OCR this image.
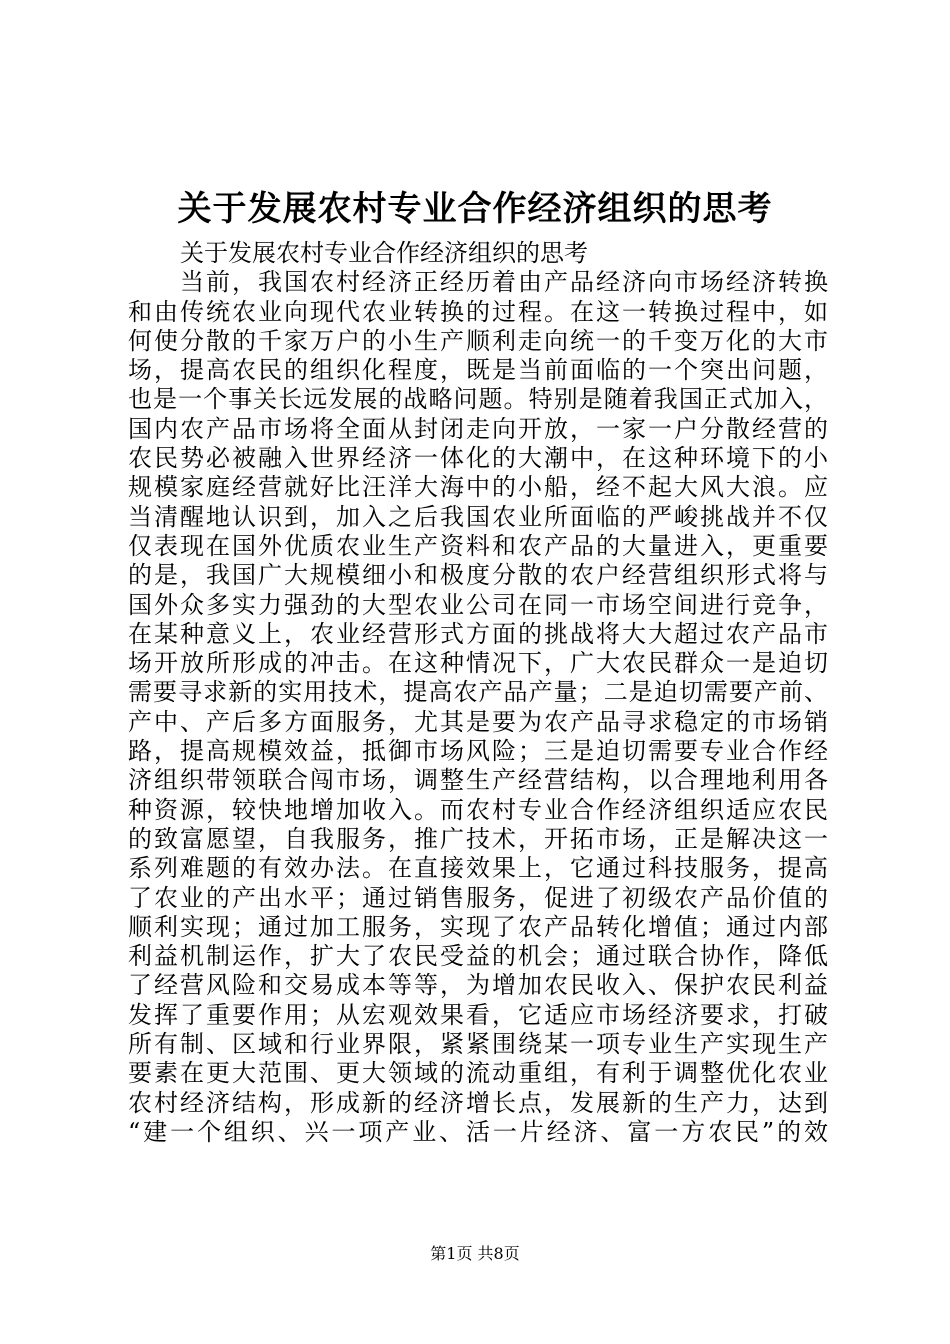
关于发展农村专业合作经济组织的思考
关于发展农村专业合作经济组织的思考
当前，我国农村经济正经历着由产品经济向市场经济转换
和由传统农业向现代农业转换的过程。在这一转换过程中，如
何使分散的千家万户的小生产顺利走向统一的千变万化的大市
场，提高农民的组织化程度，既是当前面临的一个突出问题，
也是一个事关长远发展的战略问题。特别是随着我国正式加入，
国内农产品市场将全面从封闭走向开放，一家一户分散经营的
农民势必被融入世界经济一体化的大潮中，在这种环境下的小
规模家庭经营就好比汪洋大海中的小船，经不起大风大浪。应
当清醒地认识到，加入之后我国农业所面临的严峻挑战并不仅
仅表现在国外优质农业生产资料和农产品的大量进入，更重要
的是，我国广大规模细小和极度分散的农户经营组织形式将与
国外众多实力强劲的大型农业公司在同一市场空间进行竞争，
在某种意义上，农业经营形式方面的挑战将大大超过农产品市
场开放所形成的冲击。在这种情况下，广大农民群众一是迫切
需要寻求新的实用技术，提高农产品产量；二是迫切需要产前、
产中、产后多方面服务，尤其是要为农产品寻求稳定的市场销
路，提高规模效益，抵御市场风险；三是迫切需要专业合作经
济组织带领联合闯市场，调整生产经营结构，以合理地利用各
种资源，较快地增加收入。而农村专业合作经济组织适应农民
的致富愿望，自我服务，推广技术，开拓市场，正是解决这一
系列难题的有效办法。在直接效果上，它通过科技服务，提高
了农业的产出水平；通过销售服务，促进了初级农产品价值的
顺利实现；通过加工服务，实现了农产品转化增值；通过内部
利益机制运作，扩大了农民受益的机会；通过联合协作，降低
了经营风险和交易成本等等，为增加农民收入、保护农民利益
发挥了重要作用；从宏观效果看，它适应市场经济要求，打破
所有制、区域和行业界限，紧紧围绕某一项专业生产实现生产
要素在更大范围、更大领域的流动重组，有利于调整优化农业
农村经济结构，形成新的经济增长点，发展新的生产力，达到
“建一个组织、兴一项产业、活一片经济、富一方农民”的效
第1页 共8页
